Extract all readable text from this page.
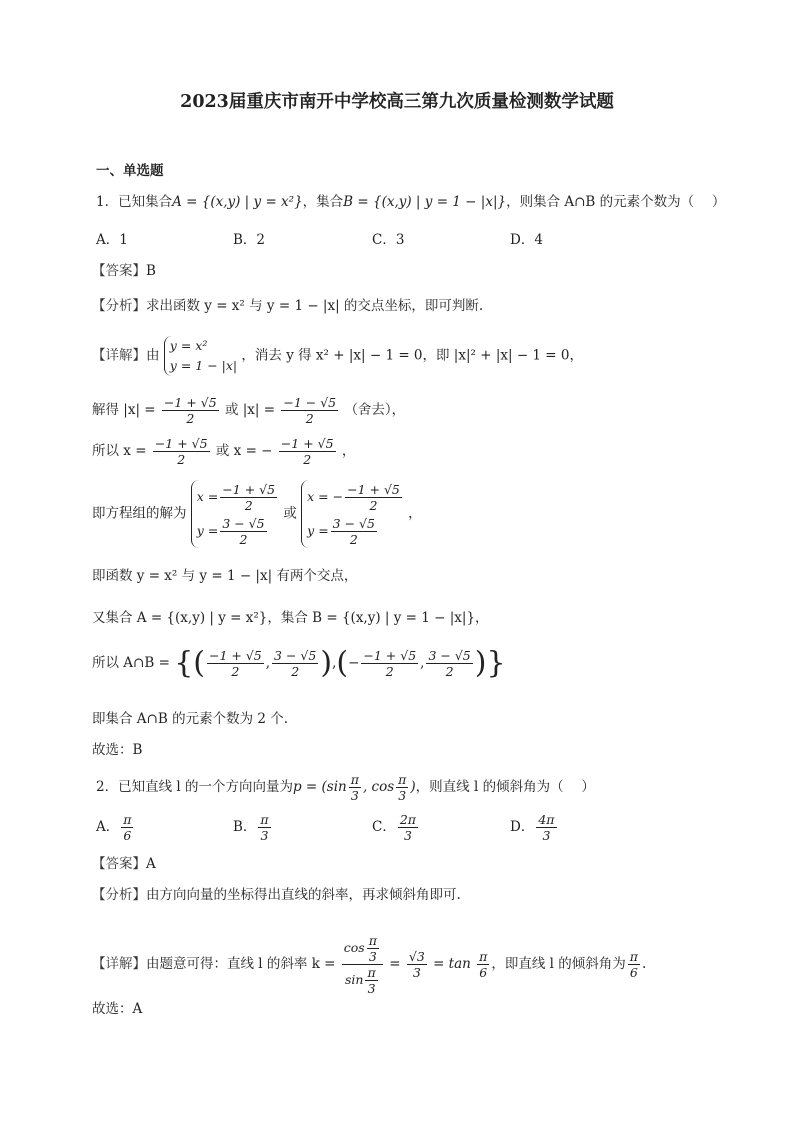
2023届重庆市南开中学校高三第九次质量检测数学试题
一、单选题
1．已知集合A = {(x,y) | y = x²}，集合B = {(x,y) | y = 1 − |x|}，则集合 A∩B 的元素个数为（　 ）
A．1	B．2	C．3	D．4
【答案】B
【分析】求出函数 y = x² 与 y = 1 − |x| 的交点坐标，即可判断.
【详解】由
y = x²
y = 1 − |x|
，消去 y 得 x² + |x| − 1 = 0，即 |x|² + |x| − 1 = 0，
解得 $|x| = \frac{-1 + √5}{2}$ 或 $|x| = \frac{-1 - √5}{2}$ （舍去），
所以 $x = \frac{-1 + √5}{2}$ 或 x = − $\frac{-1 + √5}{2}$ ，
即方程组的解为
$x = \frac{-1 + √5}{2}$
$y = \frac{3 - √5}{2}$
或
x = − $\frac{-1 + √5}{2}$
$y = \frac{3 - √5}{2}$
，
即函数 y = x² 与 y = 1 − |x| 有两个交点，
又集合 A = {(x,y) | y = x²}，集合 B = {(x,y) | y = 1 − |x|}，
所以 A∩B = {( $\frac{-1 + √5}{2}$ , $\frac{3 - √5}{2}$ ),(− $\frac{-1 + √5}{2}$ , $\frac{3 - √5}{2}$ )}
即集合 A∩B 的元素个数为 2 个.
故选：B
2．已知直线 l 的一个方向向量为$p = (\sin \frac{\pi}{3}$ , $\cos \frac{\pi}{3}$ )，则直线 l 的倾斜角为（　 ）
A． $\frac{\pi}{6}$	B． $\frac{\pi}{3}$	C． $\frac{2\pi}{3}$	D． $\frac{4\pi}{3}$
【答案】A
【分析】由方向向量的坐标得出直线的斜率，再求倾斜角即可.
【详解】由题意可得：直线 l 的斜率 $k = \frac{\cos \frac{\pi}{3}}{\sin \frac{\pi}{3}} = \frac{√3}{3} = \tan \frac{\pi}{6}$ ，即直线 l 的倾斜角为 $\frac{\pi}{6}$ .
故选：A
